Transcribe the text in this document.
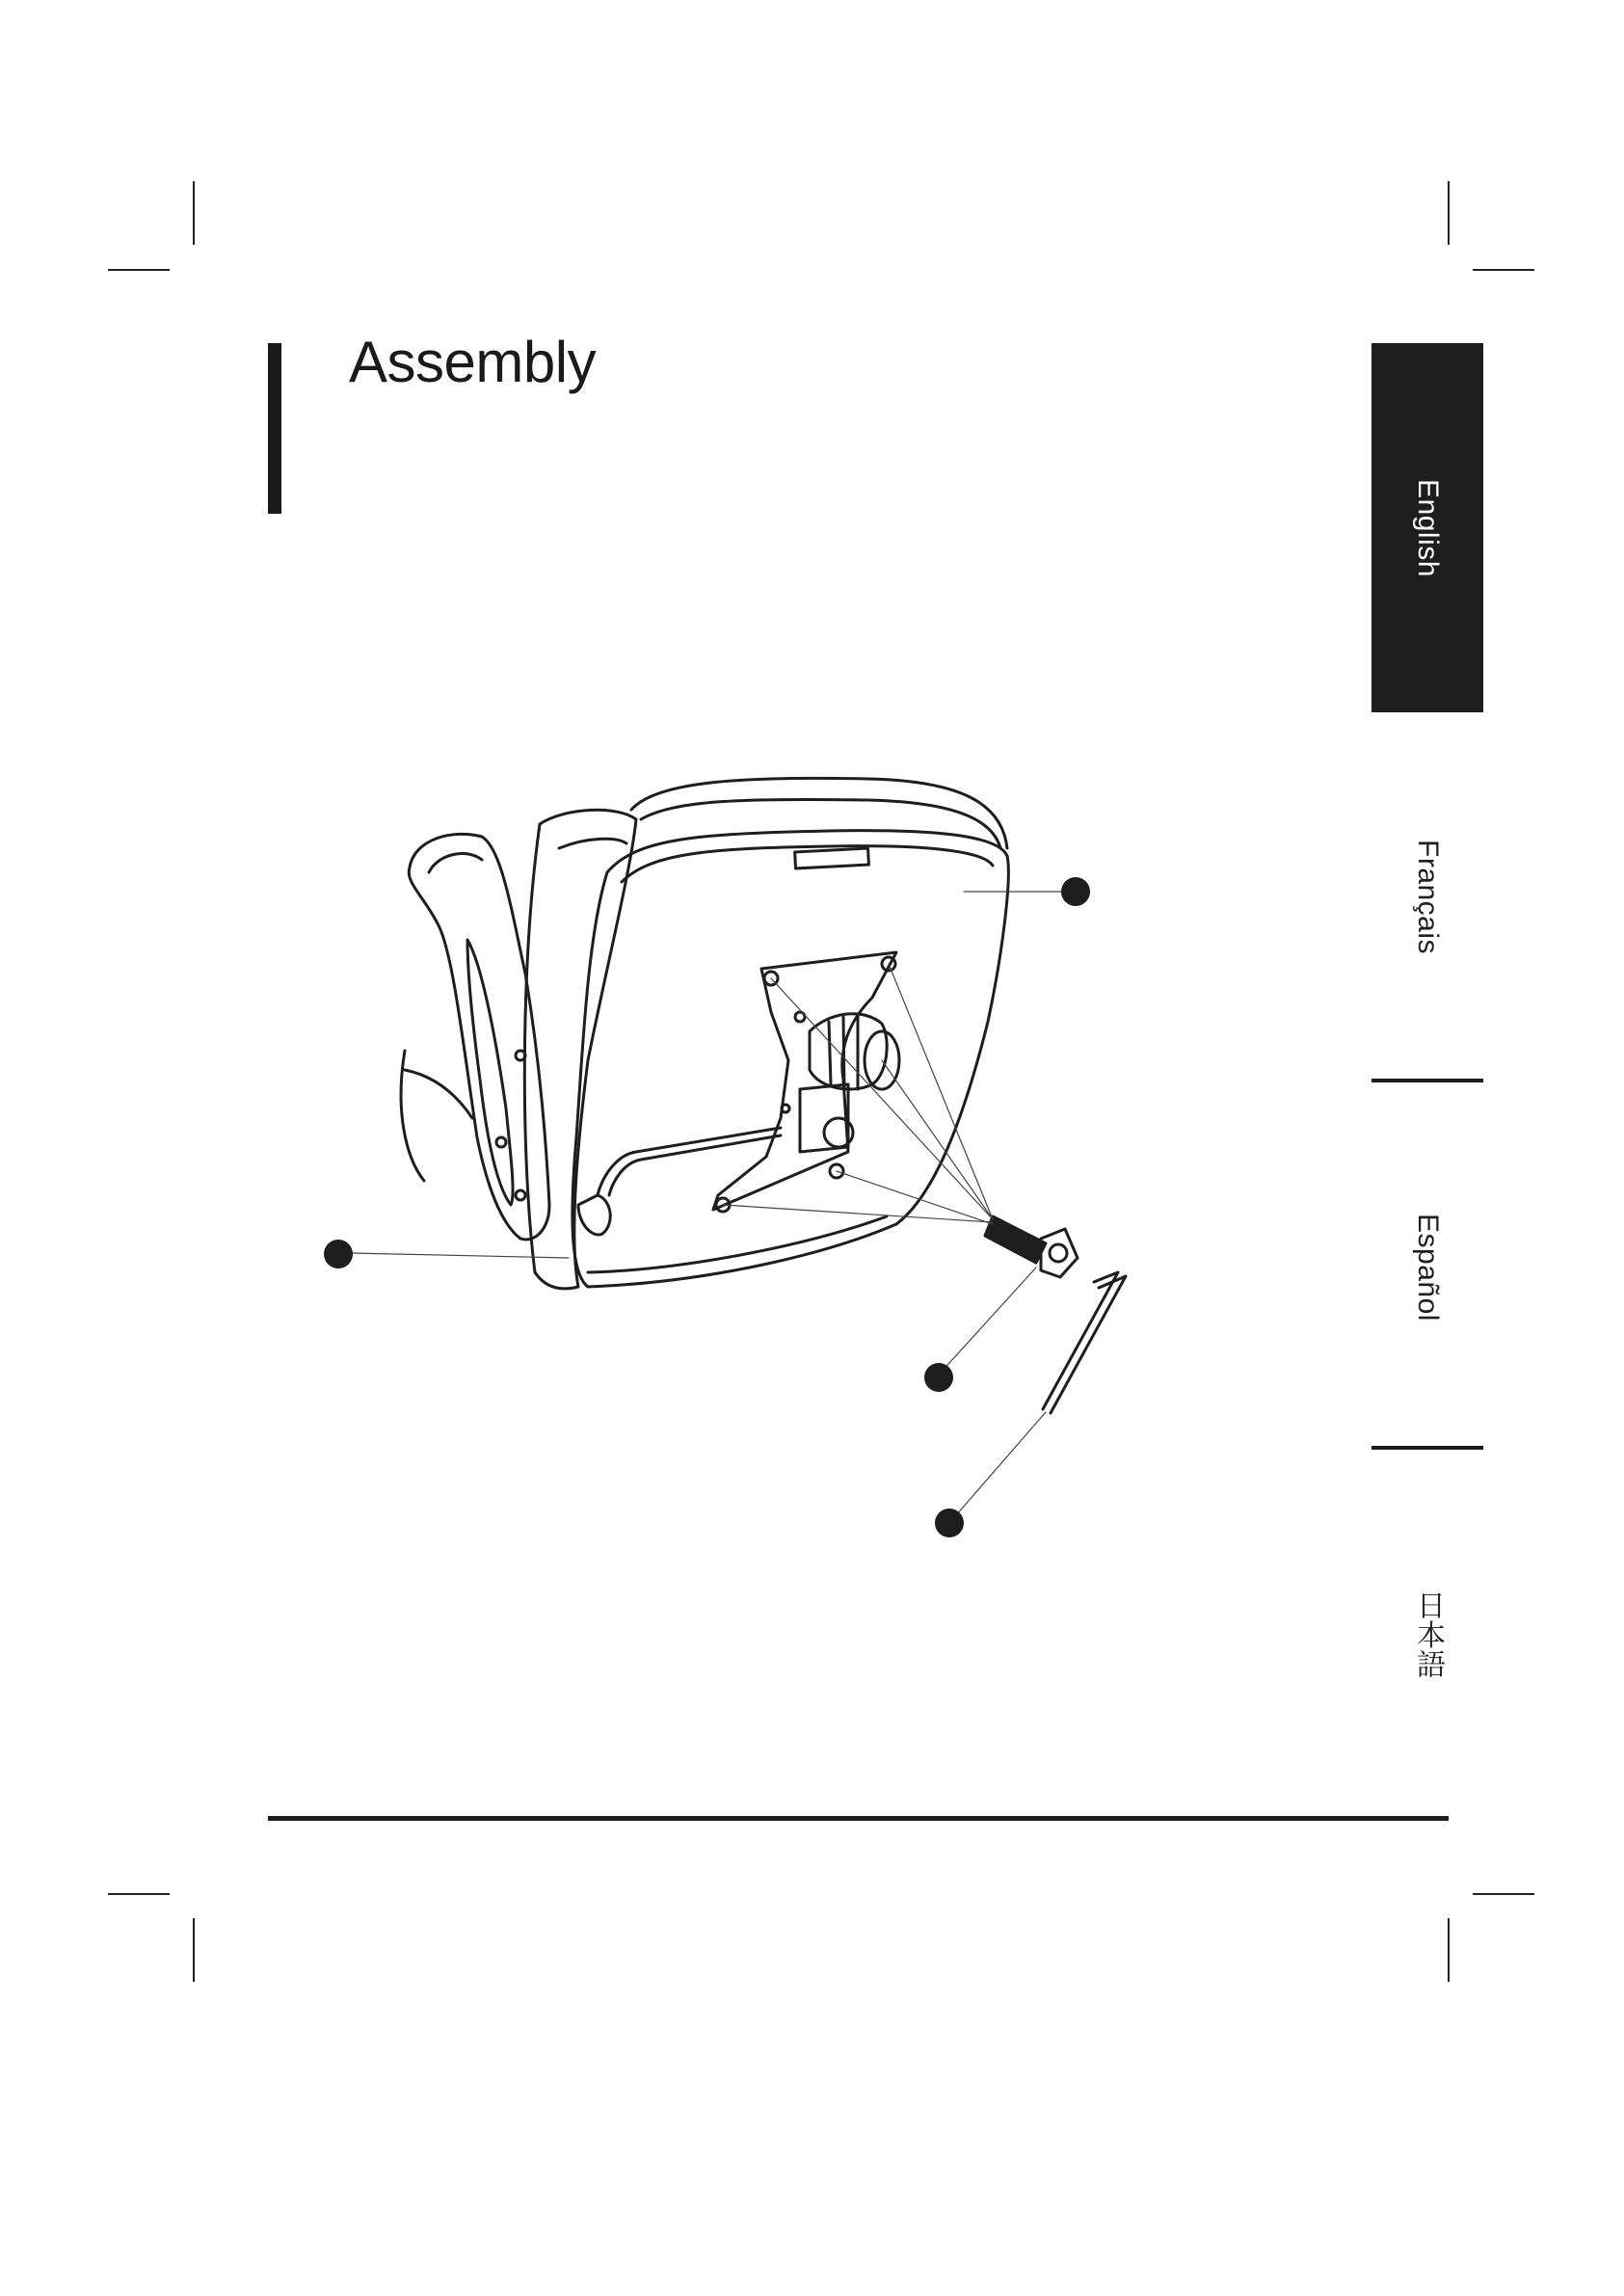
Assembly
English
Français
Español
日本語
